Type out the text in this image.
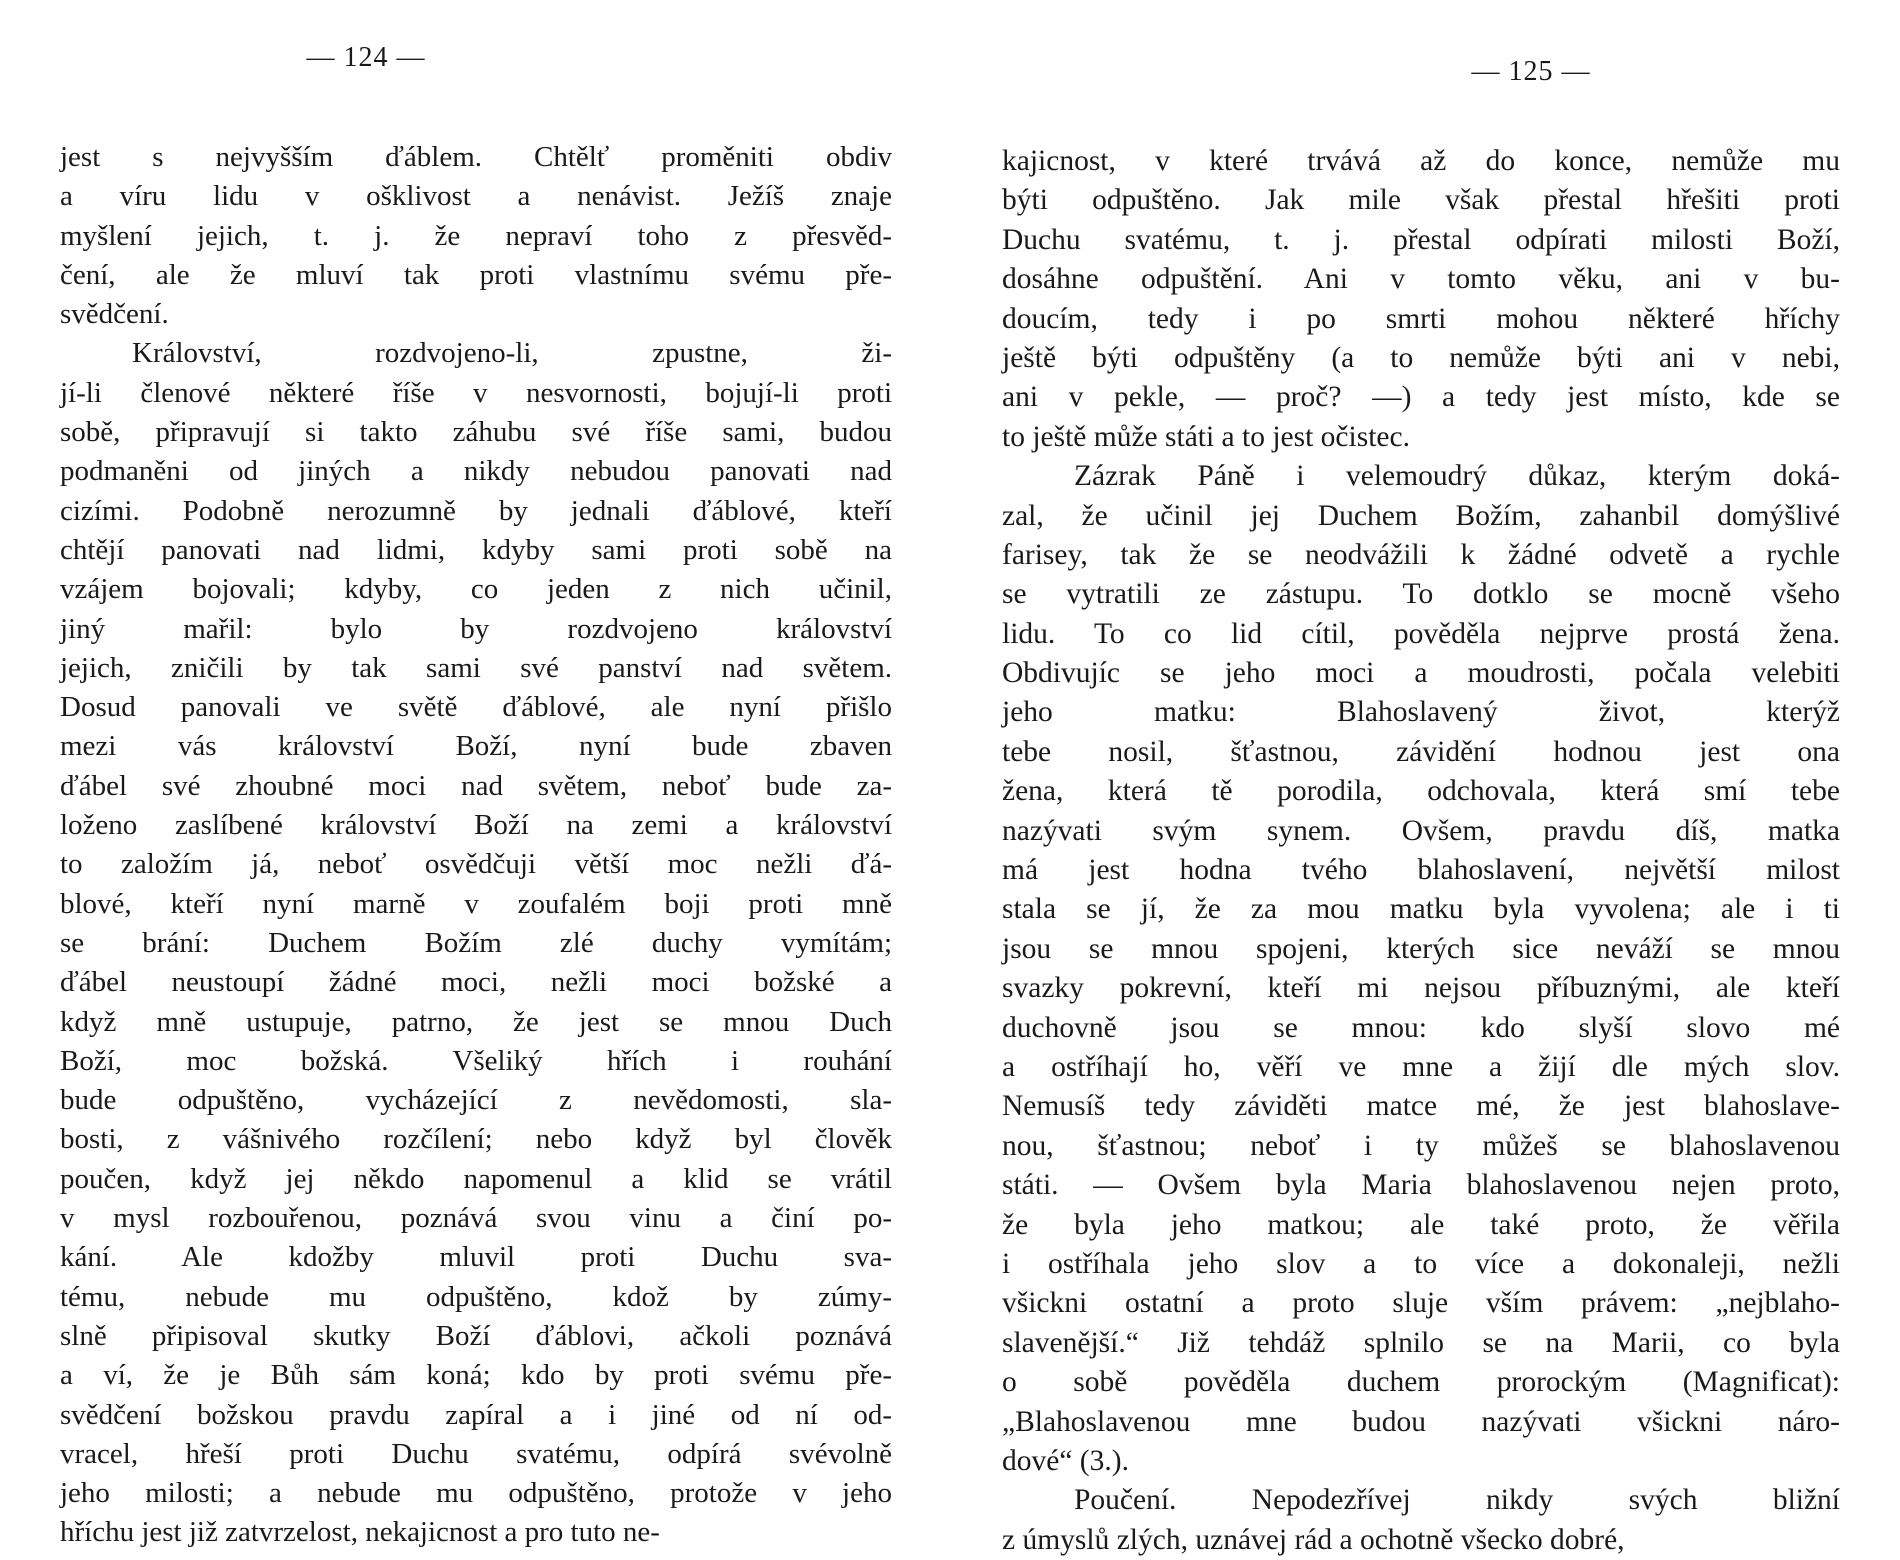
— 124 —
jest s nejvyšším ďáblem. Chtělť proměniti obdiv
a víru lidu v ošklivost a nenávist. Ježíš znaje
myšlení jejich, t. j. že nepraví toho z přesvěd-
čení, ale že mluví tak proti vlastnímu svému pře-
svědčení.
Království, rozdvojeno-li, zpustne, ži-
jí-li členové některé říše v nesvornosti, bojují-li proti
sobě, připravují si takto záhubu své říše sami, budou
podmaněni od jiných a nikdy nebudou panovati nad
cizími. Podobně nerozumně by jednali ďáblové, kteří
chtějí panovati nad lidmi, kdyby sami proti sobě na
vzájem bojovali; kdyby, co jeden z nich učinil,
jiný mařil: bylo by rozdvojeno království
jejich, zničili by tak sami své panství nad světem.
Dosud panovali ve světě ďáblové, ale nyní přišlo
mezi vás království Boží, nyní bude zbaven
ďábel své zhoubné moci nad světem, neboť bude za-
loženo zaslíbené království Boží na zemi a království
to založím já, neboť osvědčuji větší moc nežli ďá-
blové, kteří nyní marně v zoufalém boji proti mně
se brání: Duchem Božím zlé duchy vymítám;
ďábel neustoupí žádné moci, nežli moci božské a
když mně ustupuje, patrno, že jest se mnou Duch
Boží, moc božská. Všeliký hřích i rouhání
bude odpuštěno, vycházející z nevědomosti, sla-
bosti, z vášnivého rozčílení; nebo když byl člověk
poučen, když jej někdo napomenul a klid se vrátil
v mysl rozbouřenou, poznává svou vinu a činí po-
kání. Ale kdožby mluvil proti Duchu sva-
tému, nebude mu odpuštěno, kdož by zúmy-
slně připisoval skutky Boží ďáblovi, ačkoli poznává
a ví, že je Bůh sám koná; kdo by proti svému pře-
svědčení božskou pravdu zapíral a i jiné od ní od-
vracel, hřeší proti Duchu svatému, odpírá svévolně
jeho milosti; a nebude mu odpuštěno, protože v jeho
hříchu jest již zatvrzelost, nekajicnost a pro tuto ne-
— 125 —
kajicnost, v které trvává až do konce, nemůže mu
býti odpuštěno. Jak mile však přestal hřešiti proti
Duchu svatému, t. j. přestal odpírati milosti Boží,
dosáhne odpuštění. Ani v tomto věku, ani v bu-
doucím, tedy i po smrti mohou některé hříchy
ještě býti odpuštěny (a to nemůže býti ani v nebi,
ani v pekle, — proč? —) a tedy jest místo, kde se
to ještě může státi a to jest očistec.
Zázrak Páně i velemoudrý důkaz, kterým doká-
zal, že učinil jej Duchem Božím, zahanbil domýšlivé
farisey, tak že se neodvážili k žádné odvetě a rychle
se vytratili ze zástupu. To dotklo se mocně všeho
lidu. To co lid cítil, pověděla nejprve prostá žena.
Obdivujíc se jeho moci a moudrosti, počala velebiti
jeho matku: Blahoslavený život, kterýž
tebe nosil, šťastnou, závidění hodnou jest ona
žena, která tě porodila, odchovala, která smí tebe
nazývati svým synem. Ovšem, pravdu díš, matka
má jest hodna tvého blahoslavení, největší milost
stala se jí, že za mou matku byla vyvolena; ale i ti
jsou se mnou spojeni, kterých sice neváží se mnou
svazky pokrevní, kteří mi nejsou příbuznými, ale kteří
duchovně jsou se mnou: kdo slyší slovo mé
a ostříhají ho, věří ve mne a žijí dle mých slov.
Nemusíš tedy záviděti matce mé, že jest blahoslave-
nou, šťastnou; neboť i ty můžeš se blahoslavenou
státi. — Ovšem byla Maria blahoslavenou nejen proto,
že byla jeho matkou; ale také proto, že věřila
i ostříhala jeho slov a to více a dokonaleji, nežli
všickni ostatní a proto sluje vším právem: „nejblaho-
slavenější.“ Již tehdáž splnilo se na Marii, co byla
o sobě pověděla duchem prorockým (Magnificat):
„Blahoslavenou mne budou nazývati všickni náro-
dové“ (3.).
Poučení. Nepodezřívej nikdy svých bližní
z úmyslů zlých, uznávej rád a ochotně všecko dobré,
